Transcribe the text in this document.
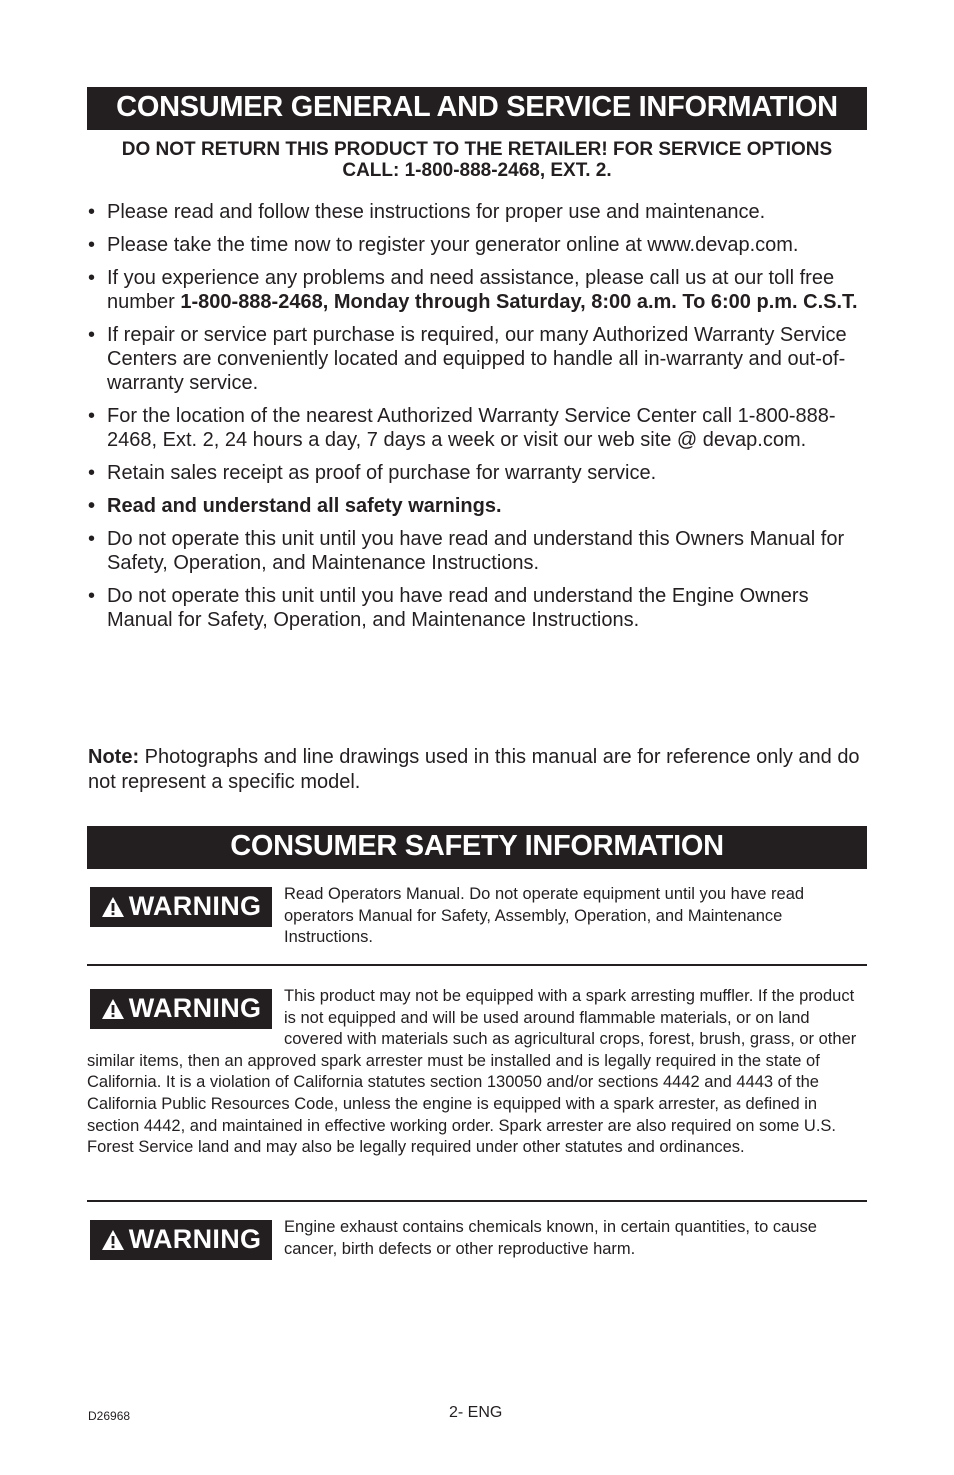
CONSUMER GENERAL AND SERVICE INFORMATION
DO NOT RETURN THIS PRODUCT TO THE RETAILER! FOR SERVICE OPTIONS CALL: 1-800-888-2468, EXT. 2.
• Please read and follow these instructions for proper use and maintenance.
• Please take the time now to register your generator online at www.devap.com.
• If you experience any problems and need assistance, please call us at our toll free number 1-800-888-2468, Monday through Saturday, 8:00 a.m. To 6:00 p.m. C.S.T.
• If repair or service part purchase is required, our many Authorized Warranty Service Centers are conveniently located and equipped to handle all in-warranty and out-of-warranty service.
• For the location of the nearest Authorized Warranty Service Center call 1-800-888-2468, Ext. 2, 24 hours a day, 7 days a week or visit our web site @ devap.com.
• Retain sales receipt as proof of purchase for warranty service.
• Read and understand all safety warnings.
• Do not operate this unit until you have read and understand this Owners Manual for Safety, Operation, and Maintenance Instructions.
• Do not operate this unit until you have read and understand the Engine Owners Manual for Safety, Operation, and Maintenance Instructions.
Note: Photographs and line drawings used in this manual are for reference only and do not represent a specific model.
CONSUMER SAFETY INFORMATION
WARNING Read Operators Manual. Do not operate equipment until you have read operators Manual for Safety, Assembly, Operation, and Maintenance Instructions.
WARNING This product may not be equipped with a spark arresting muffler. If the product is not equipped and will be used around flammable materials, or on land covered with materials such as agricultural crops, forest, brush, grass, or other similar items, then an approved spark arrester must be installed and is legally required in the state of California. It is a violation of California statutes section 130050 and/or sections 4442 and 4443 of the California Public Resources Code, unless the engine is equipped with a spark arrester, as defined in section 4442, and maintained in effective working order. Spark arrester are also required on some U.S. Forest Service land and may also be legally required under other statutes and ordinances.
WARNING Engine exhaust contains chemicals known, in certain quantities, to cause cancer, birth defects or other reproductive harm.
D26968	2- ENG
